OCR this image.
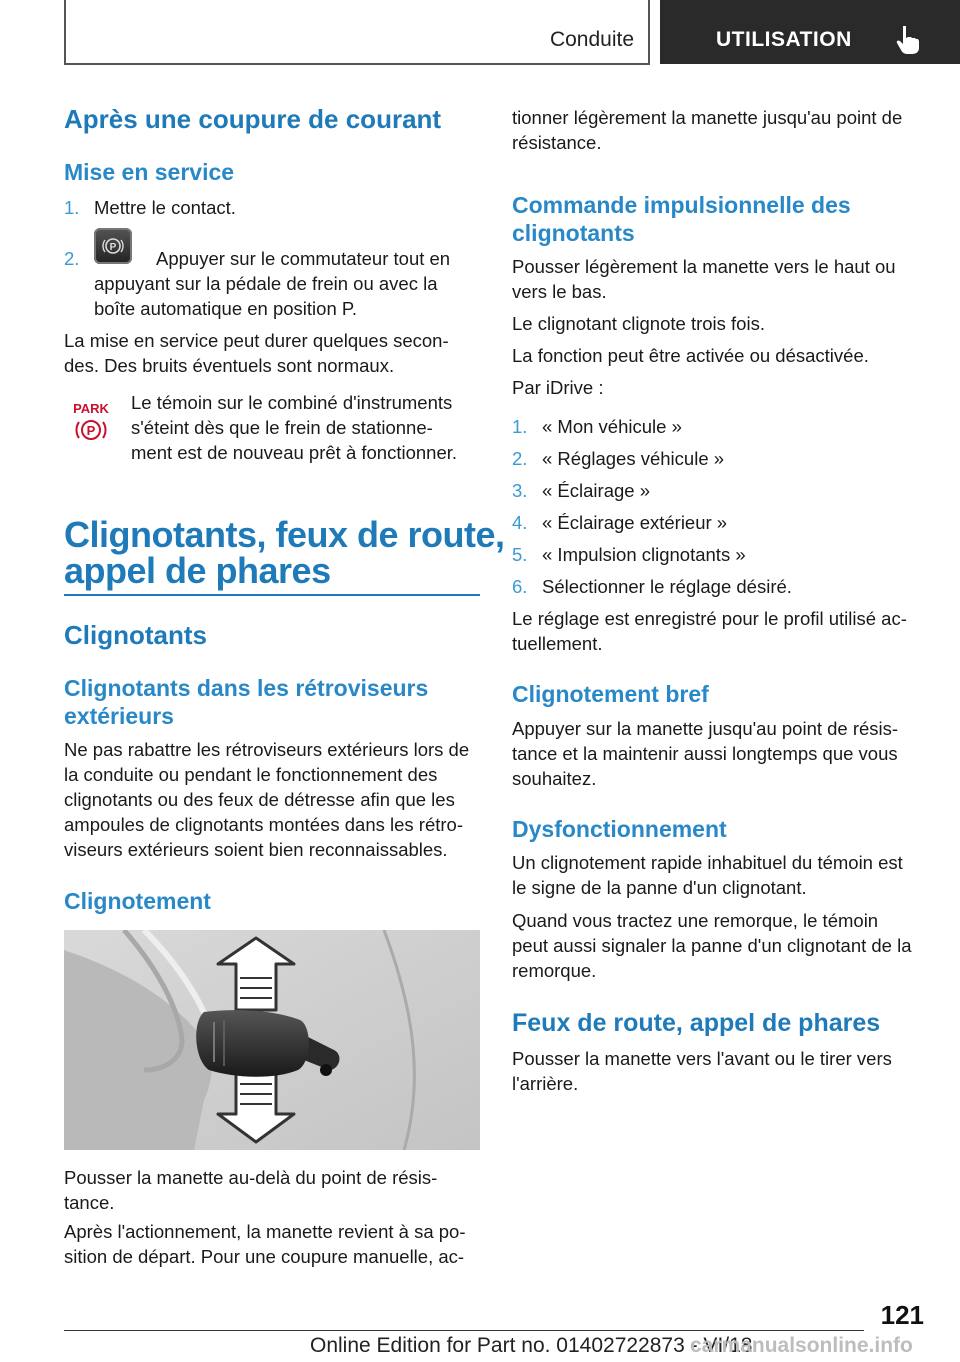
Conduite	UTILISATION
Après une coupure de courant
Mise en service
1. Mettre le contact.
2.
P

Appuyer sur le commutateur tout en

appuyant sur la pédale de frein ou avec la

boîte automatique en position P.

La mise en service peut durer quelques secon-

des. Des bruits éventuels sont normaux.

PARK
P

Le témoin sur le combiné d'instruments

s'éteint dès que le frein de stationne-

ment est de nouveau prêt à fonctionner.

Clignotants, feux de route,
appel de phares
Clignotants
Clignotants dans les rétroviseurs
extérieurs

Ne pas rabattre les rétroviseurs extérieurs lors de

la conduite ou pendant le fonctionnement des

clignotants ou des feux de détresse afin que les

ampoules de clignotants montées dans les rétro-

viseurs extérieurs soient bien reconnaissables.

Clignotement

Pousser la manette au-delà du point de résis-

tance.

Après l'actionnement, la manette revient à sa po-

sition de départ. Pour une coupure manuelle, ac-

tionner légèrement la manette jusqu'au point de

résistance.

Commande impulsionnelle des
clignotants

Pousser légèrement la manette vers le haut ou

vers le bas.

Le clignotant clignote trois fois.

La fonction peut être activée ou désactivée.

Par iDrive :

1. « Mon véhicule »
2. « Réglages véhicule »
3. « Éclairage »
4. « Éclairage extérieur »
5. « Impulsion clignotants »
6. Sélectionner le réglage désiré.

Le réglage est enregistré pour le profil utilisé ac-

tuellement.

Clignotement bref

Appuyer sur la manette jusqu'au point de résis-

tance et la maintenir aussi longtemps que vous

souhaitez.

Dysfonctionnement

Un clignotement rapide inhabituel du témoin est

le signe de la panne d'un clignotant.

Quand vous tractez une remorque, le témoin

peut aussi signaler la panne d'un clignotant de la

remorque.

Feux de route, appel de phares

Pousser la manette vers l'avant ou le tirer vers

l'arrière.

121
Online Edition for Part no. 01402722873 - VI/18
carmanualsonline.info
